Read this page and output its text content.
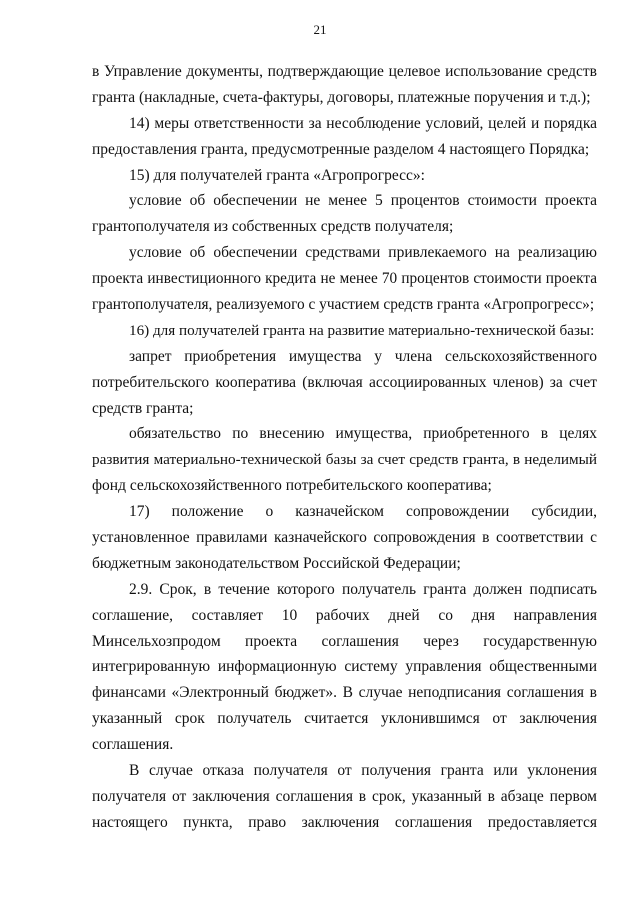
21
в Управление документы, подтверждающие целевое использование средств
гранта (накладные, счета-фактуры, договоры, платежные поручения и т.д.);
14) меры ответственности за несоблюдение условий, целей и порядка
предоставления гранта, предусмотренные разделом 4 настоящего Порядка;
15) для получателей гранта «Агропрогресс»:
условие об обеспечении не менее 5 процентов стоимости проекта
грантополучателя из собственных средств получателя;
условие об обеспечении средствами привлекаемого на реализацию
проекта инвестиционного кредита не менее 70 процентов стоимости проекта
грантополучателя, реализуемого с участием средств гранта «Агропрогресс»;
16) для получателей гранта на развитие материально-технической базы:
запрет приобретения имущества у члена сельскохозяйственного
потребительского кооператива (включая ассоциированных членов) за счет
средств гранта;
обязательство по внесению имущества, приобретенного в целях
развития материально-технической базы за счет средств гранта, в неделимый
фонд сельскохозяйственного потребительского кооператива;
17) положение о казначейском сопровождении субсидии,
установленное правилами казначейского сопровождения в соответствии с
бюджетным законодательством Российской Федерации;
2.9. Срок, в течение которого получатель гранта должен подписать
соглашение, составляет 10 рабочих дней со дня направления
Минсельхозпродом проекта соглашения через государственную
интегрированную информационную систему управления общественными
финансами «Электронный бюджет». В случае неподписания соглашения в
указанный срок получатель считается уклонившимся от заключения
соглашения.
В случае отказа получателя от получения гранта или уклонения
получателя от заключения соглашения в срок, указанный в абзаце первом
настоящего пункта, право заключения соглашения предоставляется
